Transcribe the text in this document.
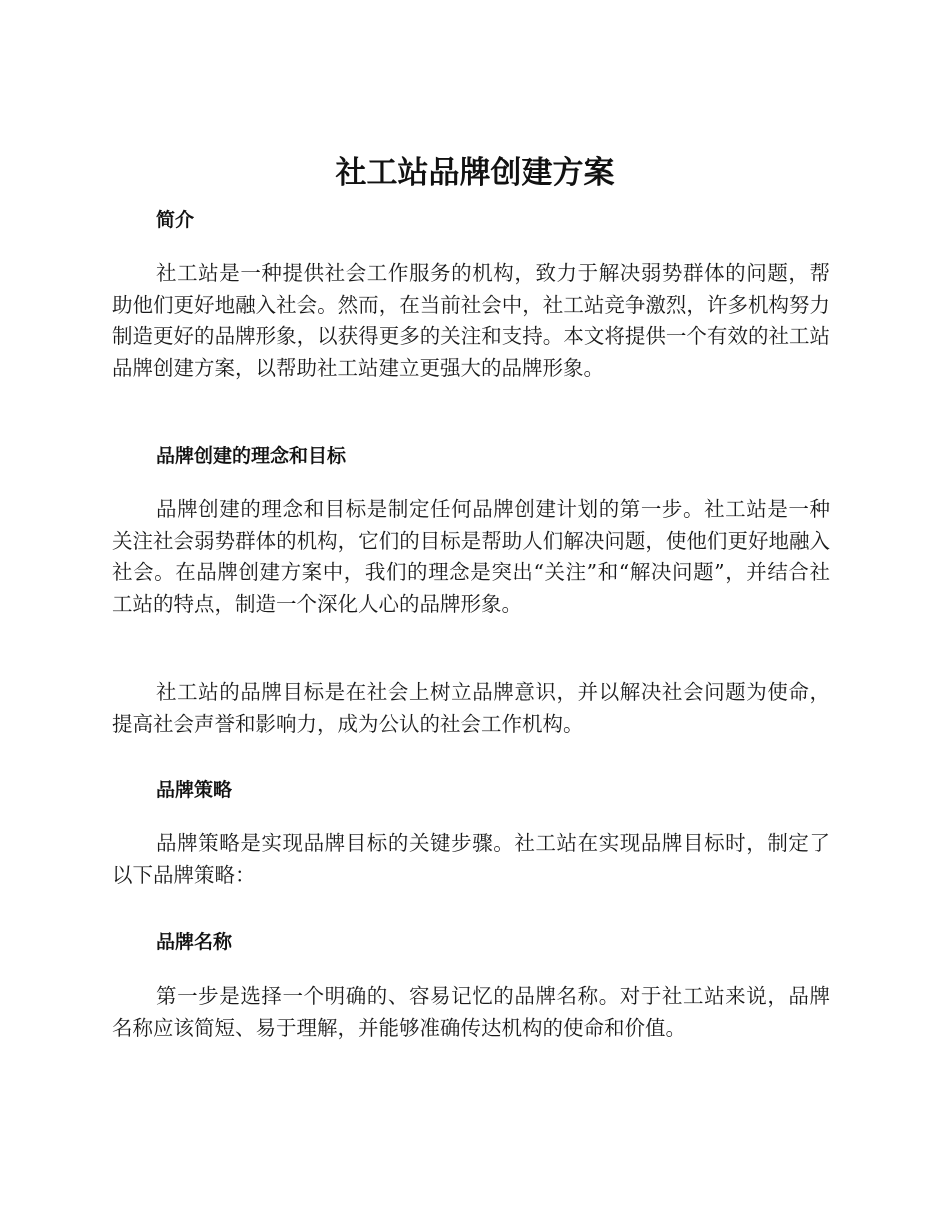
社工站品牌创建方案
简介

社工站是一种提供社会工作服务的机构，致力于解决弱势群体的问题，帮助他们更好地融入社会。然而，在当前社会中，社工站竞争激烈，许多机构努力制造更好的品牌形象，以获得更多的关注和支持。本文将提供一个有效的社工站品牌创建方案，以帮助社工站建立更强大的品牌形象。

品牌创建的理念和目标

品牌创建的理念和目标是制定任何品牌创建计划的第一步。社工站是一种关注社会弱势群体的机构，它们的目标是帮助人们解决问题，使他们更好地融入社会。在品牌创建方案中，我们的理念是突出“关注”和“解决问题”，并结合社工站的特点，制造一个深化人心的品牌形象。

社工站的品牌目标是在社会上树立品牌意识，并以解决社会问题为使命，提高社会声誉和影响力，成为公认的社会工作机构。

品牌策略

品牌策略是实现品牌目标的关键步骤。社工站在实现品牌目标时，制定了以下品牌策略：

品牌名称

第一步是选择一个明确的、容易记忆的品牌名称。对于社工站来说，品牌名称应该简短、易于理解，并能够准确传达机构的使命和价值。
